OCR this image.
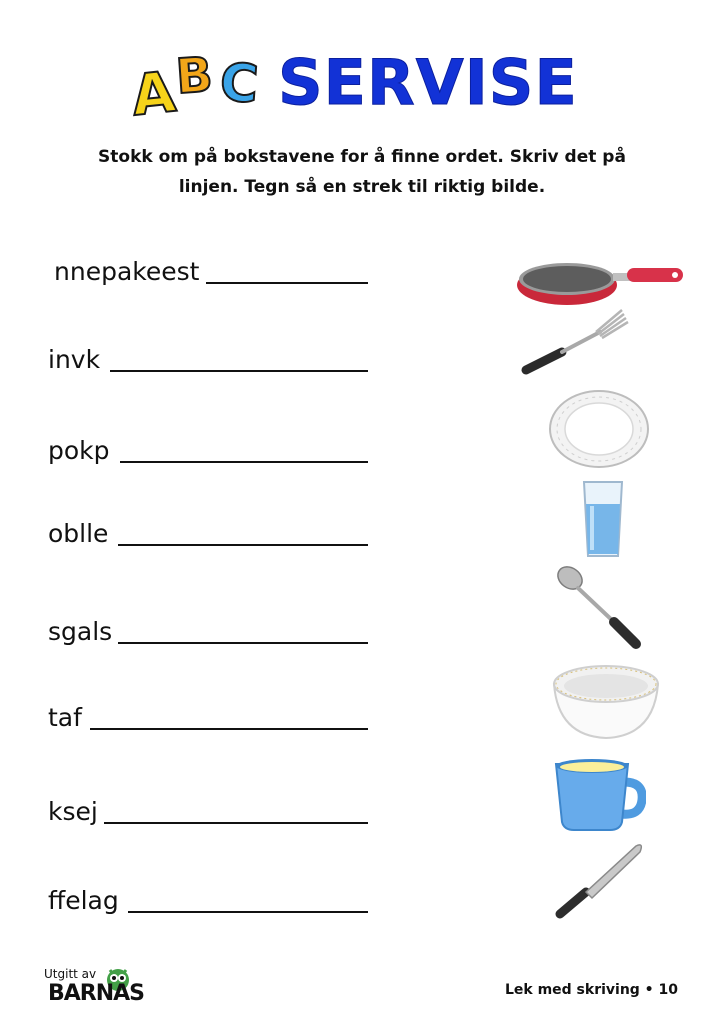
A
B C SERVISE
Stokk om på bokstavene for å finne ordet. Skriv det på
linjen. Tegn så en strek til riktig bilde.
nnepakeest
invk
pokp
oblle
sgals
taf
ksej
ffelag
Utgitt av
BARNAS	Lek med skriving • 10
